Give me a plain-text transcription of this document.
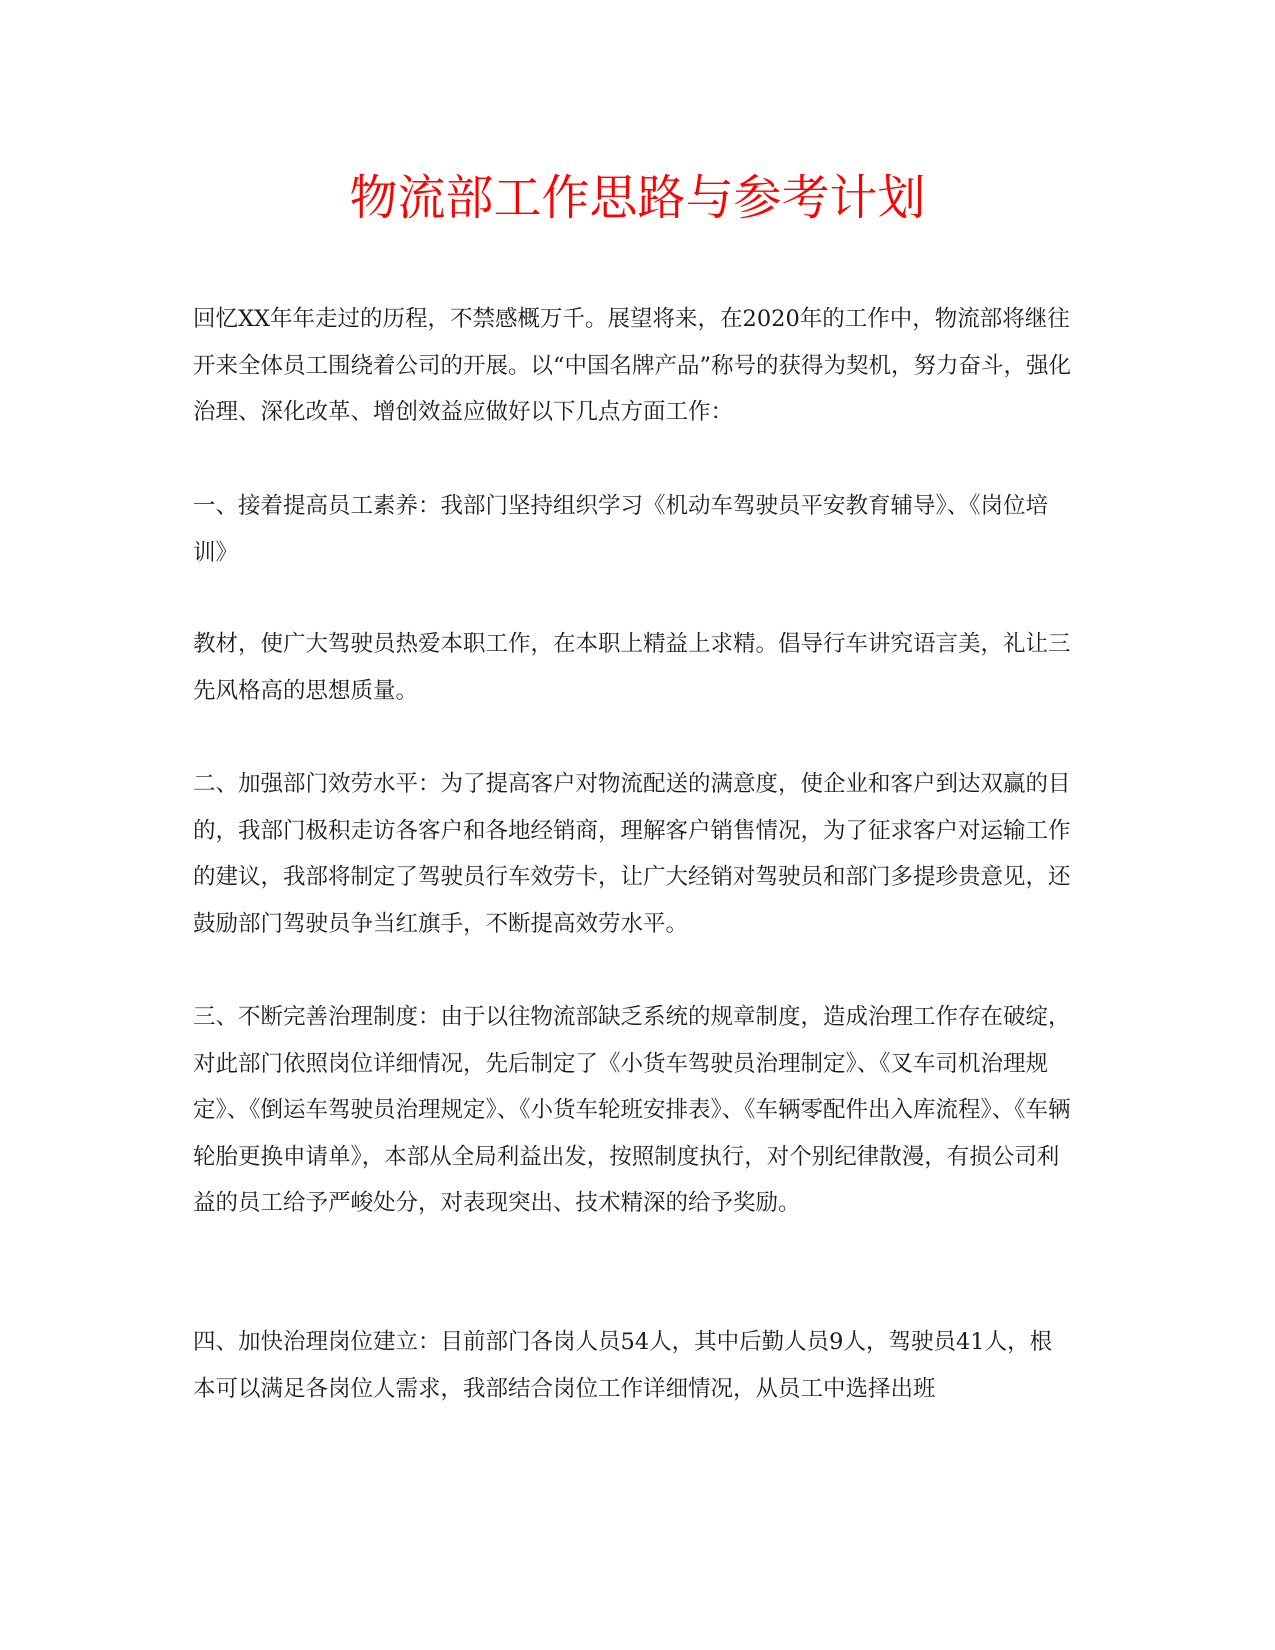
物流部工作思路与参考计划

回忆XX年年走过的历程，不禁感概万千。展望将来，在2020年的工作中，物流部将继往开来全体员工围绕着公司的开展。以“中国名牌产品”称号的获得为契机，努力奋斗，强化治理、深化改革、增创效益应做好以下几点方面工作：

一、接着提高员工素养：我部门坚持组织学习《机动车驾驶员平安教育辅导》、《岗位培训》

教材，使广大驾驶员热爱本职工作，在本职上精益上求精。倡导行车讲究语言美，礼让三先风格高的思想质量。

二、加强部门效劳水平：为了提高客户对物流配送的满意度，使企业和客户到达双赢的目的，我部门极积走访各客户和各地经销商，理解客户销售情况，为了征求客户对运输工作的建议，我部将制定了驾驶员行车效劳卡，让广大经销对驾驶员和部门多提珍贵意见，还鼓励部门驾驶员争当红旗手，不断提高效劳水平。

三、不断完善治理制度：由于以往物流部缺乏系统的规章制度，造成治理工作存在破绽，对此部门依照岗位详细情况，先后制定了《小货车驾驶员治理制定》、《叉车司机治理规定》、《倒运车驾驶员治理规定》、《小货车轮班安排表》、《车辆零配件出入库流程》、《车辆轮胎更换申请单》，本部从全局利益出发，按照制度执行，对个别纪律散漫，有损公司利益的员工给予严峻处分，对表现突出、技术精深的给予奖励。

四、加快治理岗位建立：目前部门各岗人员54人，其中后勤人员9人，驾驶员41人，根本可以满足各岗位人需求，我部结合岗位工作详细情况，从员工中选择出班
